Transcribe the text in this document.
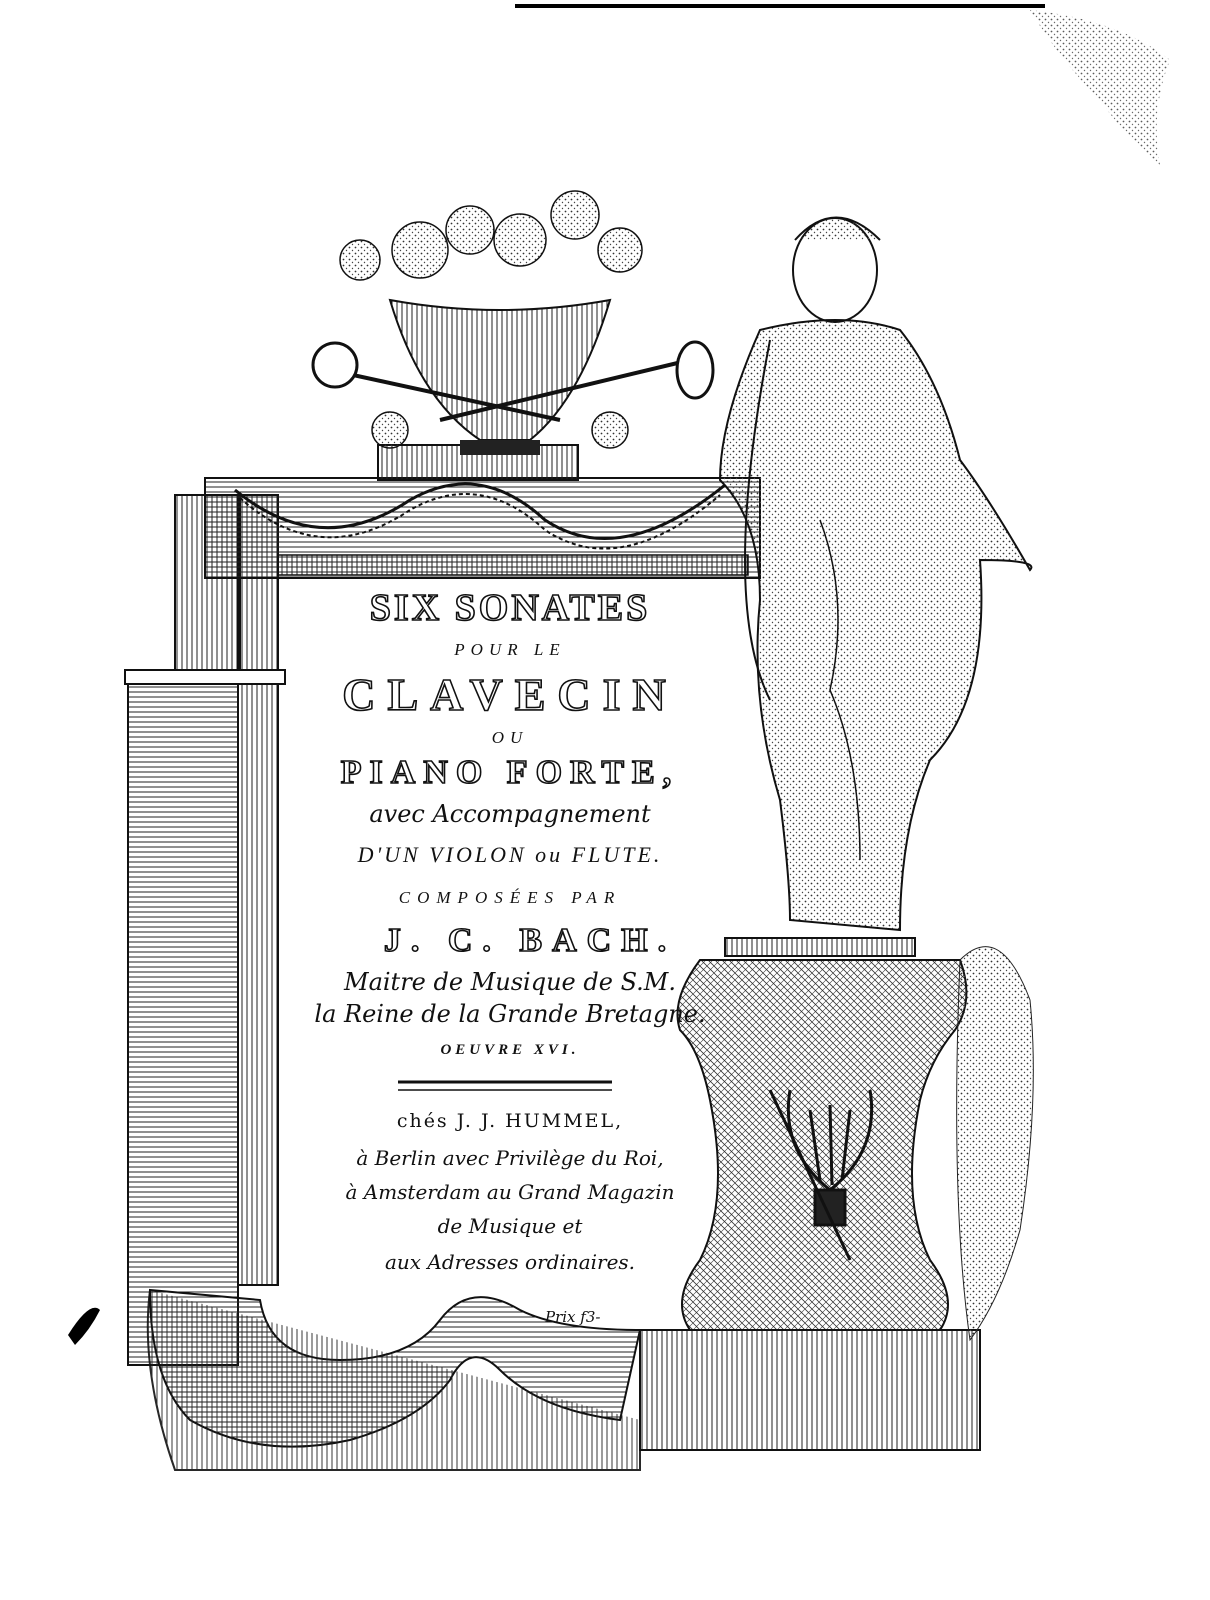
SIX SONATES
POUR LE
CLAVECIN
OU
PIANO FORTE,
avec Accompagnement
D'UN VIOLON ou FLUTE.
COMPOSÉES PAR
J. C. BACH.
Maitre de Musique de S.M.
la Reine de la Grande Bretagne.
OEUVRE XVI.
chés J. J. HUMMEL,
à Berlin avec Privilège du Roi,
à Amsterdam au Grand Magazin
de Musique et
aux Adresses ordinaires.
Prix f3-
